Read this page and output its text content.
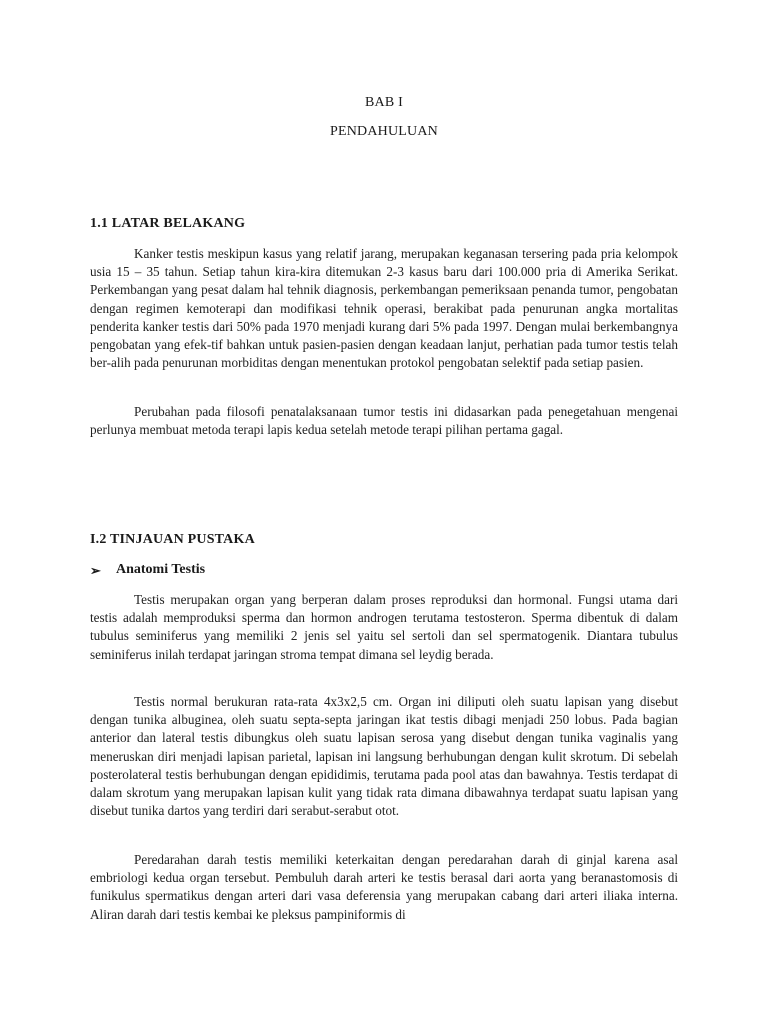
BAB I
PENDAHULUAN
1.1 LATAR BELAKANG

Kanker testis meskipun kasus yang relatif jarang, merupakan keganasan tersering pada pria kelompok usia 15 – 35 tahun. Setiap tahun kira-kira ditemukan 2-3 kasus baru dari 100.000 pria di Amerika Serikat. Perkembangan yang pesat dalam hal tehnik diagnosis, perkembangan pemeriksaan penanda tumor, pengobatan dengan regimen kemoterapi dan modifikasi tehnik operasi, berakibat pada penurunan angka mortalitas penderita kanker testis dari 50% pada 1970 menjadi kurang dari 5% pada 1997. Dengan mulai berkembangnya pengobatan yang efek-tif bahkan untuk pasien-pasien dengan keadaan lanjut, perhatian pada tumor testis telah ber-alih pada penurunan morbiditas dengan menentukan protokol pengobatan selektif pada setiap pasien.

Perubahan pada filosofi penatalaksanaan tumor testis ini didasarkan pada penegetahuan mengenai perlunya membuat metoda terapi lapis kedua setelah metode terapi pilihan pertama gagal.

I.2 TINJAUAN PUSTAKA
➢	Anatomi Testis

Testis merupakan organ yang berperan dalam proses reproduksi dan hormonal. Fungsi utama dari testis adalah memproduksi sperma dan hormon androgen terutama testosteron. Sperma dibentuk di dalam tubulus seminiferus yang memiliki 2 jenis sel yaitu sel sertoli dan sel spermatogenik. Diantara tubulus seminiferus inilah terdapat jaringan stroma tempat dimana sel leydig berada.

Testis normal berukuran rata-rata 4x3x2,5 cm. Organ ini diliputi oleh suatu lapisan yang disebut dengan tunika albuginea, oleh suatu septa-septa jaringan ikat testis dibagi menjadi 250 lobus. Pada bagian anterior dan lateral testis dibungkus oleh suatu lapisan serosa yang disebut dengan tunika vaginalis yang meneruskan diri menjadi lapisan parietal, lapisan ini langsung berhubungan dengan kulit skrotum. Di sebelah posterolateral testis berhubungan dengan epididimis, terutama pada pool atas dan bawahnya. Testis terdapat di dalam skrotum yang merupakan lapisan kulit yang tidak rata dimana dibawahnya terdapat suatu lapisan yang disebut tunika dartos yang terdiri dari serabut-serabut otot.

Peredarahan darah testis memiliki keterkaitan dengan peredarahan darah di ginjal karena asal embriologi kedua organ tersebut. Pembuluh darah arteri ke testis berasal dari aorta yang beranastomosis di funikulus spermatikus dengan arteri dari vasa deferensia yang merupakan cabang dari arteri iliaka interna. Aliran darah dari testis kembai ke pleksus pampiniformis di
